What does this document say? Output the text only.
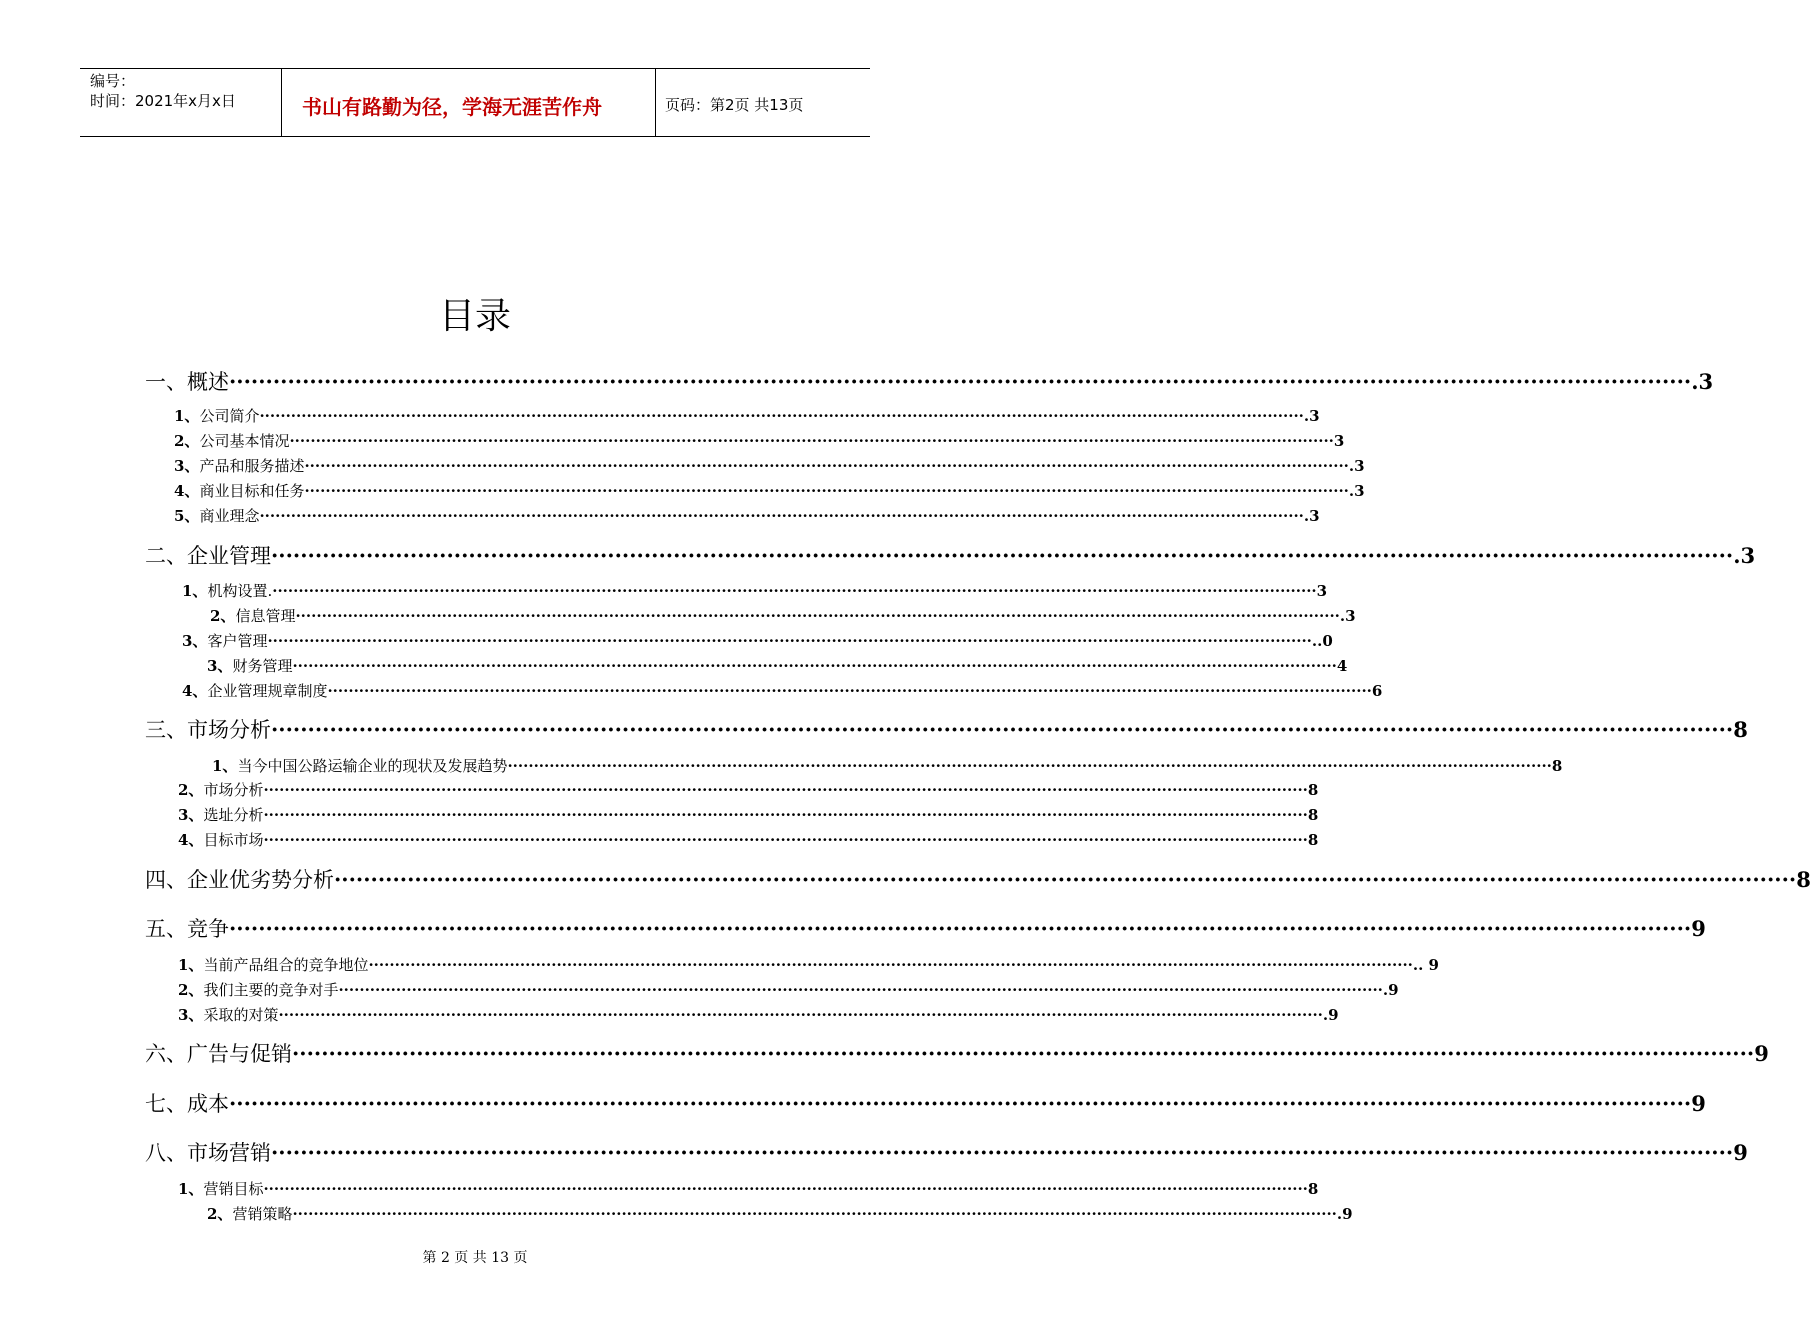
编号：
时间：2021年x月x日	书山有路勤为径，学海无涯苦作舟	页码：第2页 共13页
目录
一、 概述 ········································································································································································································ .3
1、 公司简介 ········································································································································································································ .3
2、 公司基本情况 ········································································································································································································ 3
3、 产品和服务描述 ········································································································································································································ .3
4、 商业目标和任务 ········································································································································································································ .3
5、 商业理念 ········································································································································································································ .3
二、 企业管理 ········································································································································································································ .3
1、 机构设置. ········································································································································································································ 3
2、 信息管理 ········································································································································································································ .3
3、 客户管理 ········································································································································································································ ..0
3、 财务管理 ········································································································································································································ 4
4、 企业管理规章制度 ········································································································································································································ 6
三、 市场分析 ········································································································································································································ 8
1、 当今中国公路运输企业的现状及发展趋势 ········································································································································································································ 8
2、 市场分析 ········································································································································································································ 8
3、 选址分析 ········································································································································································································ 8
4、 目标市场 ········································································································································································································ 8
四、 企业优劣势分析 ········································································································································································································ 8
五、 竞争 ········································································································································································································ 9
1、 当前产品组合的竞争地位 ········································································································································································································ .. 9
2、 我们主要的竞争对手 ········································································································································································································ .9
3、 采取的对策 ········································································································································································································ .9
六、 广告与促销 ········································································································································································································ 9
七、 成本 ········································································································································································································ 9
八、 市场营销 ········································································································································································································ 9
1、 营销目标 ········································································································································································································ 8
2、 营销策略 ········································································································································································································ .9
第 2 页 共 13 页
